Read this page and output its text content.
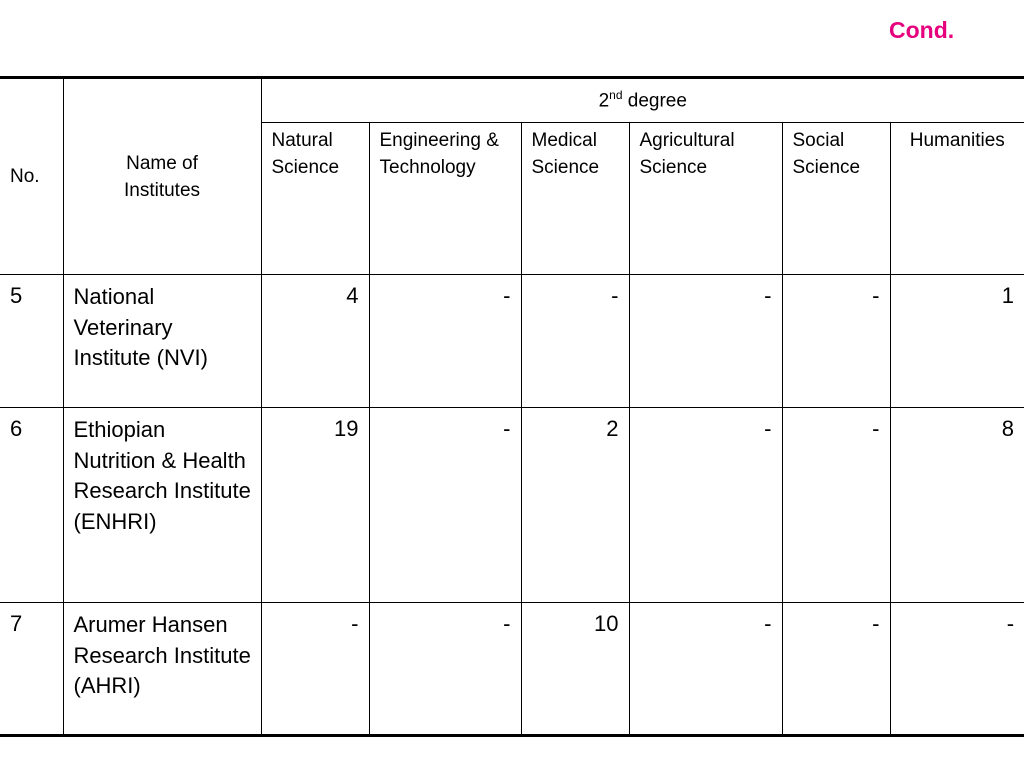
Cond.
No.	Name of Institutes	2nd degree					
		Natural Science	Engineering & Technology	Medical Science	Agricultural Science	Social Science	Humanities
5	National Veterinary Institute (NVI)	4	-	-	-	-	1
6	Ethiopian Nutrition & Health Research Institute (ENHRI)	19	-	2	-	-	8
7	Arumer Hansen Research Institute (AHRI)	-	-	10	-	-	-
